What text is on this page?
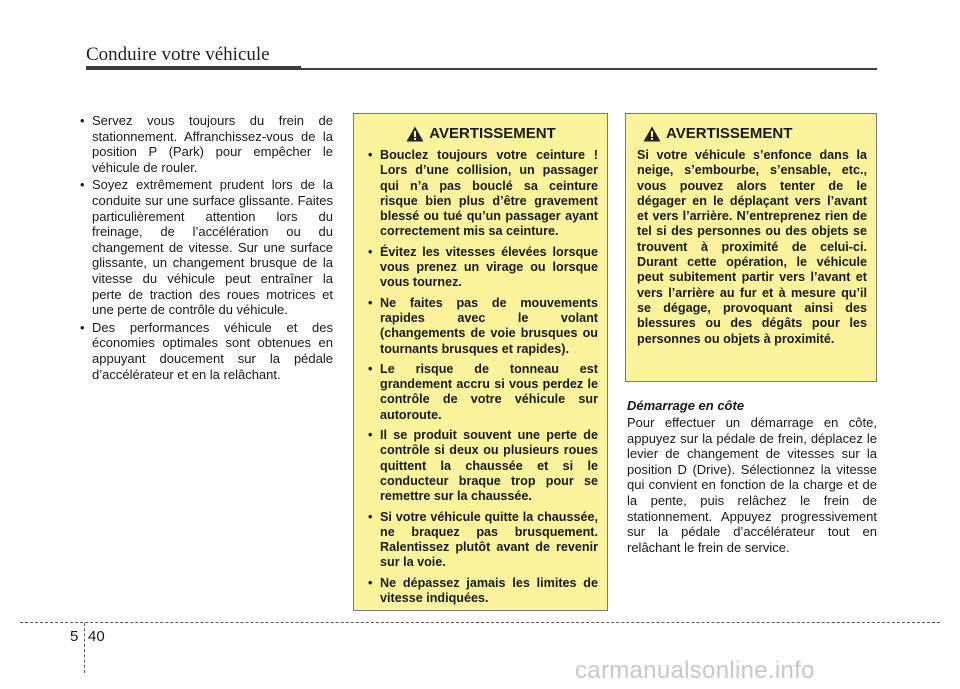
Conduire votre véhicule
• Servez vous toujours du frein de stationnement. Affranchissez-vous de la position P (Park) pour empêcher le véhicule de rouler.
• Soyez extrêmement prudent lors de la conduite sur une surface glissante. Faites particulièrement attention lors du freinage, de l’accélération ou du changement de vitesse. Sur une surface glissante, un changement brusque de la vitesse du véhicule peut entraîner la perte de traction des roues motrices et une perte de contrôle du véhicule.
• Des performances véhicule et des économies optimales sont obtenues en appuyant doucement sur la pédale d’accélérateur et en la relâchant.
AVERTISSEMENT
• Bouclez toujours votre ceinture ! Lors d’une collision, un passager qui n’a pas bouclé sa ceinture risque bien plus d’être gravement blessé ou tué qu’un passager ayant correctement mis sa ceinture.
• Évitez les vitesses élevées lorsque vous prenez un virage ou lorsque vous tournez.
• Ne faites pas de mouvements rapides avec le volant (changements de voie brusques ou tournants brusques et rapides).
• Le risque de tonneau est grandement accru si vous perdez le contrôle de votre véhicule sur autoroute.
• Il se produit souvent une perte de contrôle si deux ou plusieurs roues quittent la chaussée et si le conducteur braque trop pour se remettre sur la chaussée.
• Si votre véhicule quitte la chaussée, ne braquez pas brusquement. Ralentissez plutôt avant de revenir sur la voie.
• Ne dépassez jamais les limites de vitesse indiquées.
AVERTISSEMENT
Si votre véhicule s’enfonce dans la neige, s’embourbe, s’ensable, etc., vous pouvez alors tenter de le dégager en le déplaçant vers l’avant et vers l’arrière. N’entreprenez rien de tel si des personnes ou des objets se trouvent à proximité de celui-ci. Durant cette opération, le véhicule peut subitement partir vers l’avant et vers l’arrière au fur et à mesure qu’il se dégage, provoquant ainsi des blessures ou des dégâts pour les personnes ou objets à proximité.
Démarrage en côte
Pour effectuer un démarrage en côte, appuyez sur la pédale de frein, déplacez le levier de changement de vitesses sur la position D (Drive). Sélectionnez la vitesse qui convient en fonction de la charge et de la pente, puis relâchez le frein de stationnement. Appuyez progressivement sur la pédale d’accélérateur tout en relâchant le frein de service.
5 40
carmanualsonline.info
